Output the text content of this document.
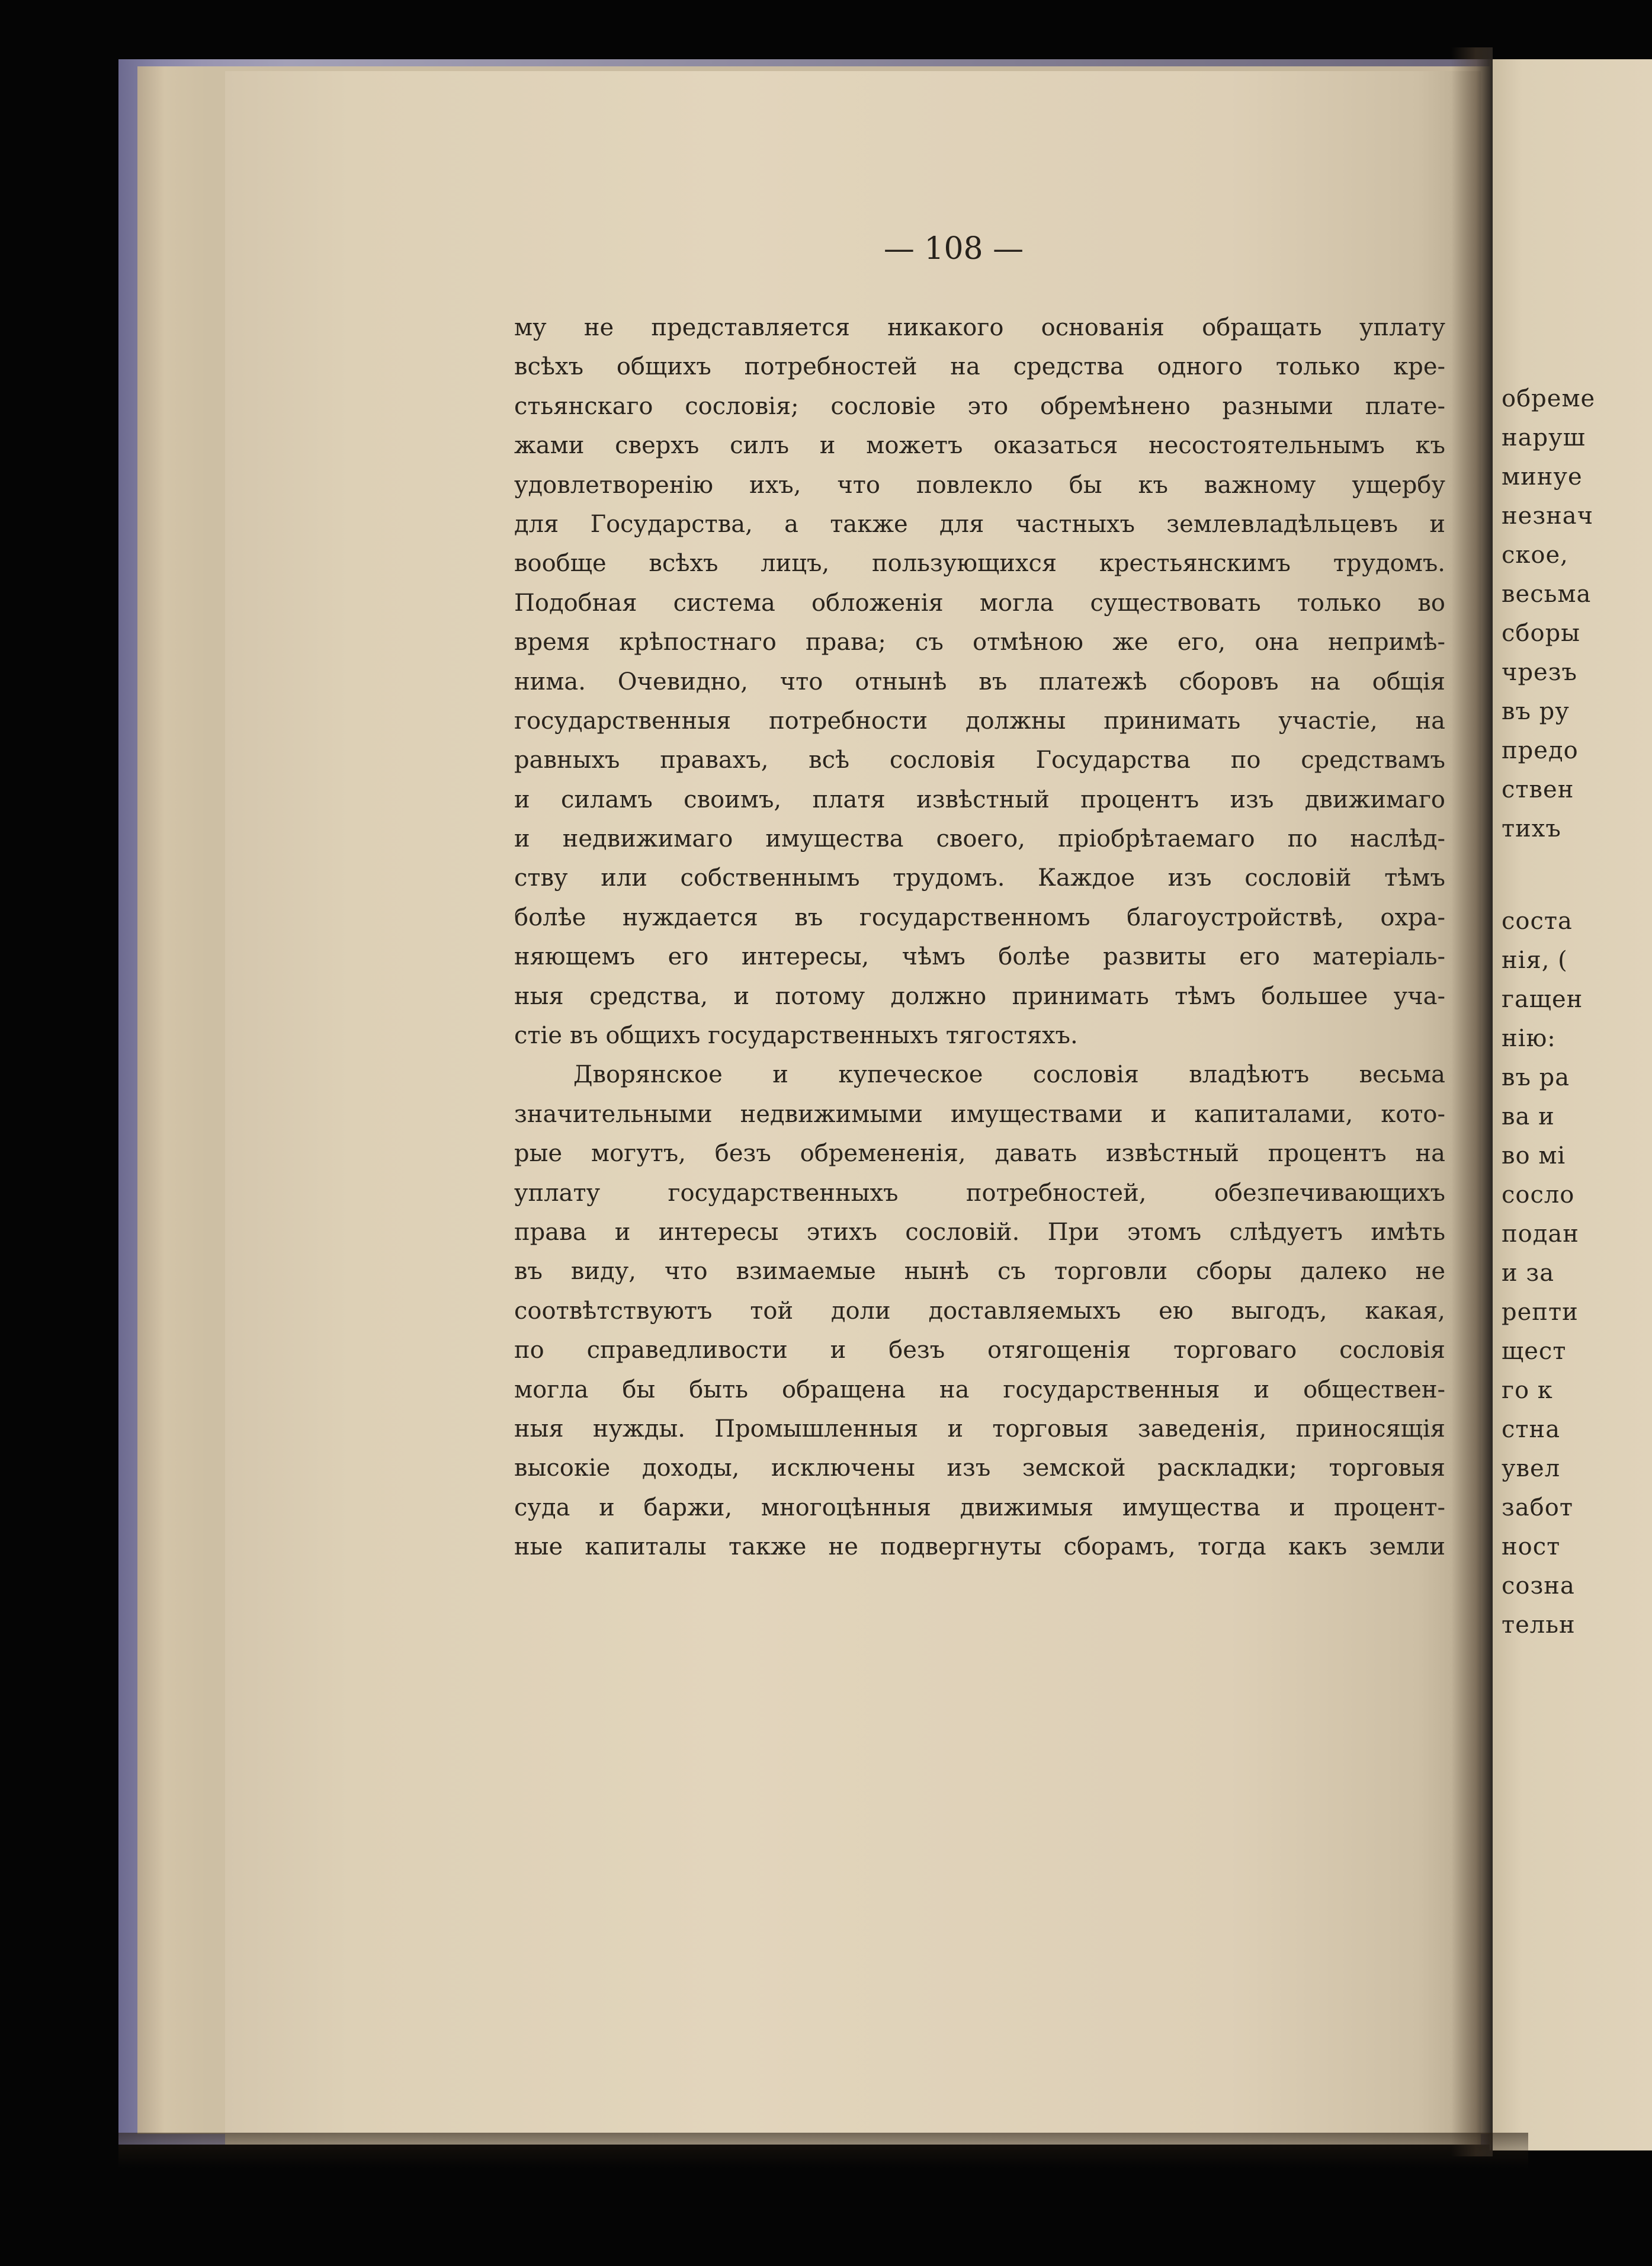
— 108 —
му не представляется никакого основанія обращать уплату
всѣхъ общихъ потребностей на средства одного только кре-
стьянскаго сословія; сословіе это обремѣнено разными плате-
жами сверхъ силъ и можетъ оказаться несостоятельнымъ къ
удовлетворенію ихъ, что повлекло бы къ важному ущербу
для Государства, а также для частныхъ землевладѣльцевъ и
вообще всѣхъ лицъ, пользующихся крестьянскимъ трудомъ.
Подобная система обложенія могла существовать только во
время крѣпостнаго права; съ отмѣною же его, она непримѣ-
нима. Очевидно, что отнынѣ въ платежѣ сборовъ на общія
государственныя потребности должны принимать участіе, на
равныхъ правахъ, всѣ сословія Государства по средствамъ
и силамъ своимъ, платя извѣстный процентъ изъ движимаго
и недвижимаго имущества своего, пріобрѣтаемаго по наслѣд-
ству или собственнымъ трудомъ. Каждое изъ сословій тѣмъ
болѣе нуждается въ государственномъ благоустройствѣ, охра-
няющемъ его интересы, чѣмъ болѣе развиты его матеріаль-
ныя средства, и потому должно принимать тѣмъ большее уча-
стіе въ общихъ государственныхъ тягостяхъ.
Дворянское и купеческое сословія владѣютъ весьма
значительными недвижимыми имуществами и капиталами, кото-
рые могутъ, безъ обремененія, давать извѣстный процентъ на
уплату государственныхъ потребностей, обезпечивающихъ
права и интересы этихъ сословій. При этомъ слѣдуетъ имѣть
въ виду, что взимаемые нынѣ съ торговли сборы далеко не
соотвѣтствуютъ той доли доставляемыхъ ею выгодъ, какая,
по справедливости и безъ отягощенія торговаго сословія
могла бы быть обращена на государственныя и обществен-
ныя нужды. Промышленныя и торговыя заведенія, приносящія
высокіе доходы, исключены изъ земской раскладки; торговыя
суда и баржи, многоцѣнныя движимыя имущества и процент-
ные капиталы также не подвергнуты сборамъ, тогда какъ земли
обреме
наруш
минуе
незнач
ское,
весьма
сборы
чрезъ
въ ру
предо
ствен
тихъ
соста
нія, (
гащен
нію:
въ ра
ва и
во мі
сосло
подан
и за
репти
щест
го к
стна
увел
забот
ност
созна
тельн
